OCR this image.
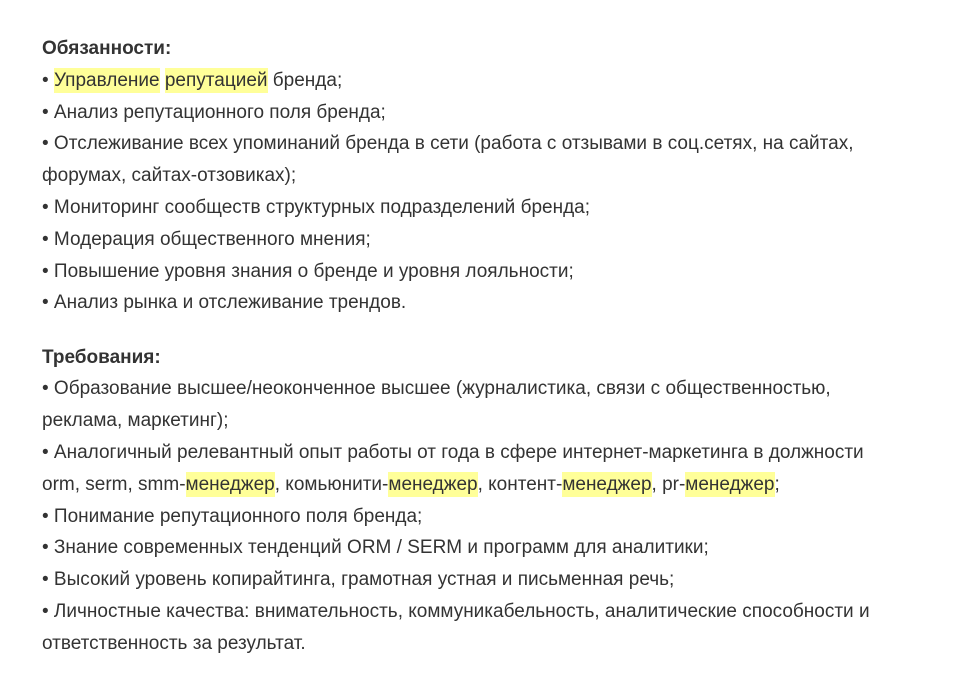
Обязанности:
• Управление репутацией бренда;
• Анализ репутационного поля бренда;
• Отслеживание всех упоминаний бренда в сети (работа с отзывами в соц.сетях, на сайтах,
форумах, сайтах-отзовиках);
• Мониторинг сообществ структурных подразделений бренда;
• Модерация общественного мнения;
• Повышение уровня знания о бренде и уровня лояльности;
• Анализ рынка и отслеживание трендов.
Требования:
• Образование высшее/неоконченное высшее (журналистика, связи с общественностью,
реклама, маркетинг);
• Аналогичный релевантный опыт работы от года в сфере интернет-маркетинга в должности
orm, serm, smm-менеджер, комьюнити-менеджер, контент-менеджер, pr-менеджер;
• Понимание репутационного поля бренда;
• Знание современных тенденций ORM / SERM и программ для аналитики;
• Высокий уровень копирайтинга, грамотная устная и письменная речь;
• Личностные качества: внимательность, коммуникабельность, аналитические способности и
ответственность за результат.
